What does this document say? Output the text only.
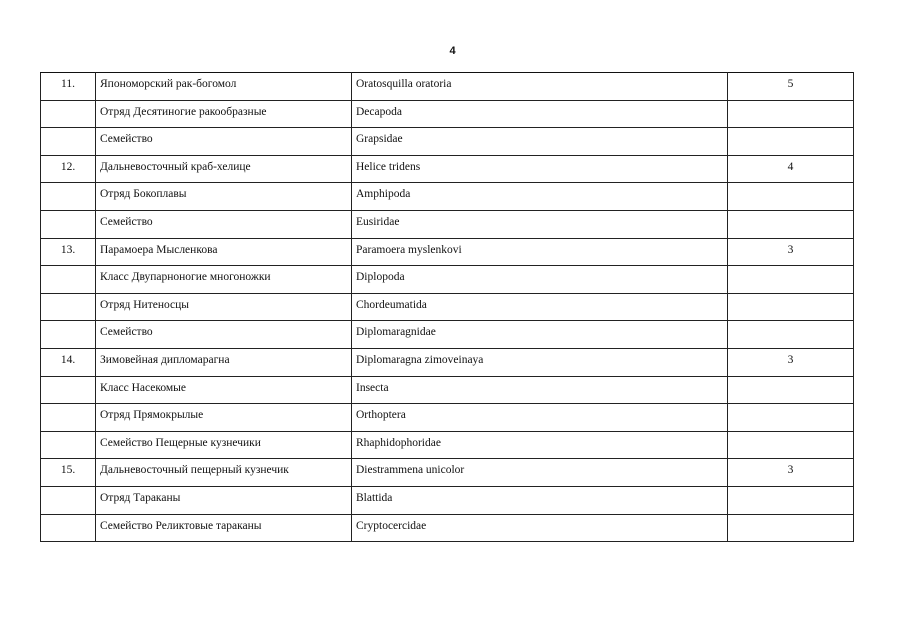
4
11.	Япономорский рак-богомол	Oratosquilla oratoria	5
	Отряд Десятиногие ракообразные	Decapoda	
	Семейство	Grapsidae	
12.	Дальневосточный краб-хелице	Helice tridens	4
	Отряд Бокоплавы	Amphipoda	
	Семейство	Eusiridae	
13.	Парамоера Мысленкова	Paramoera myslenkovi	3
	Класс Двупарноногие многоножки	Diplopoda	
	Отряд Нитеносцы	Chordeumatida	
	Семейство	Diplomaragnidae	
14.	Зимовейная дипломарагна	Diplomaragna zimoveinaya	3
	Класс Насекомые	Insecta	
	Отряд Прямокрылые	Orthoptera	
	Семейство Пещерные кузнечики	Rhaphidophoridae	
15.	Дальневосточный пещерный кузнечик	Diestrammena unicolor	3
	Отряд Тараканы	Blattida	
	Семейство Реликтовые тараканы	Cryptocercidae	
